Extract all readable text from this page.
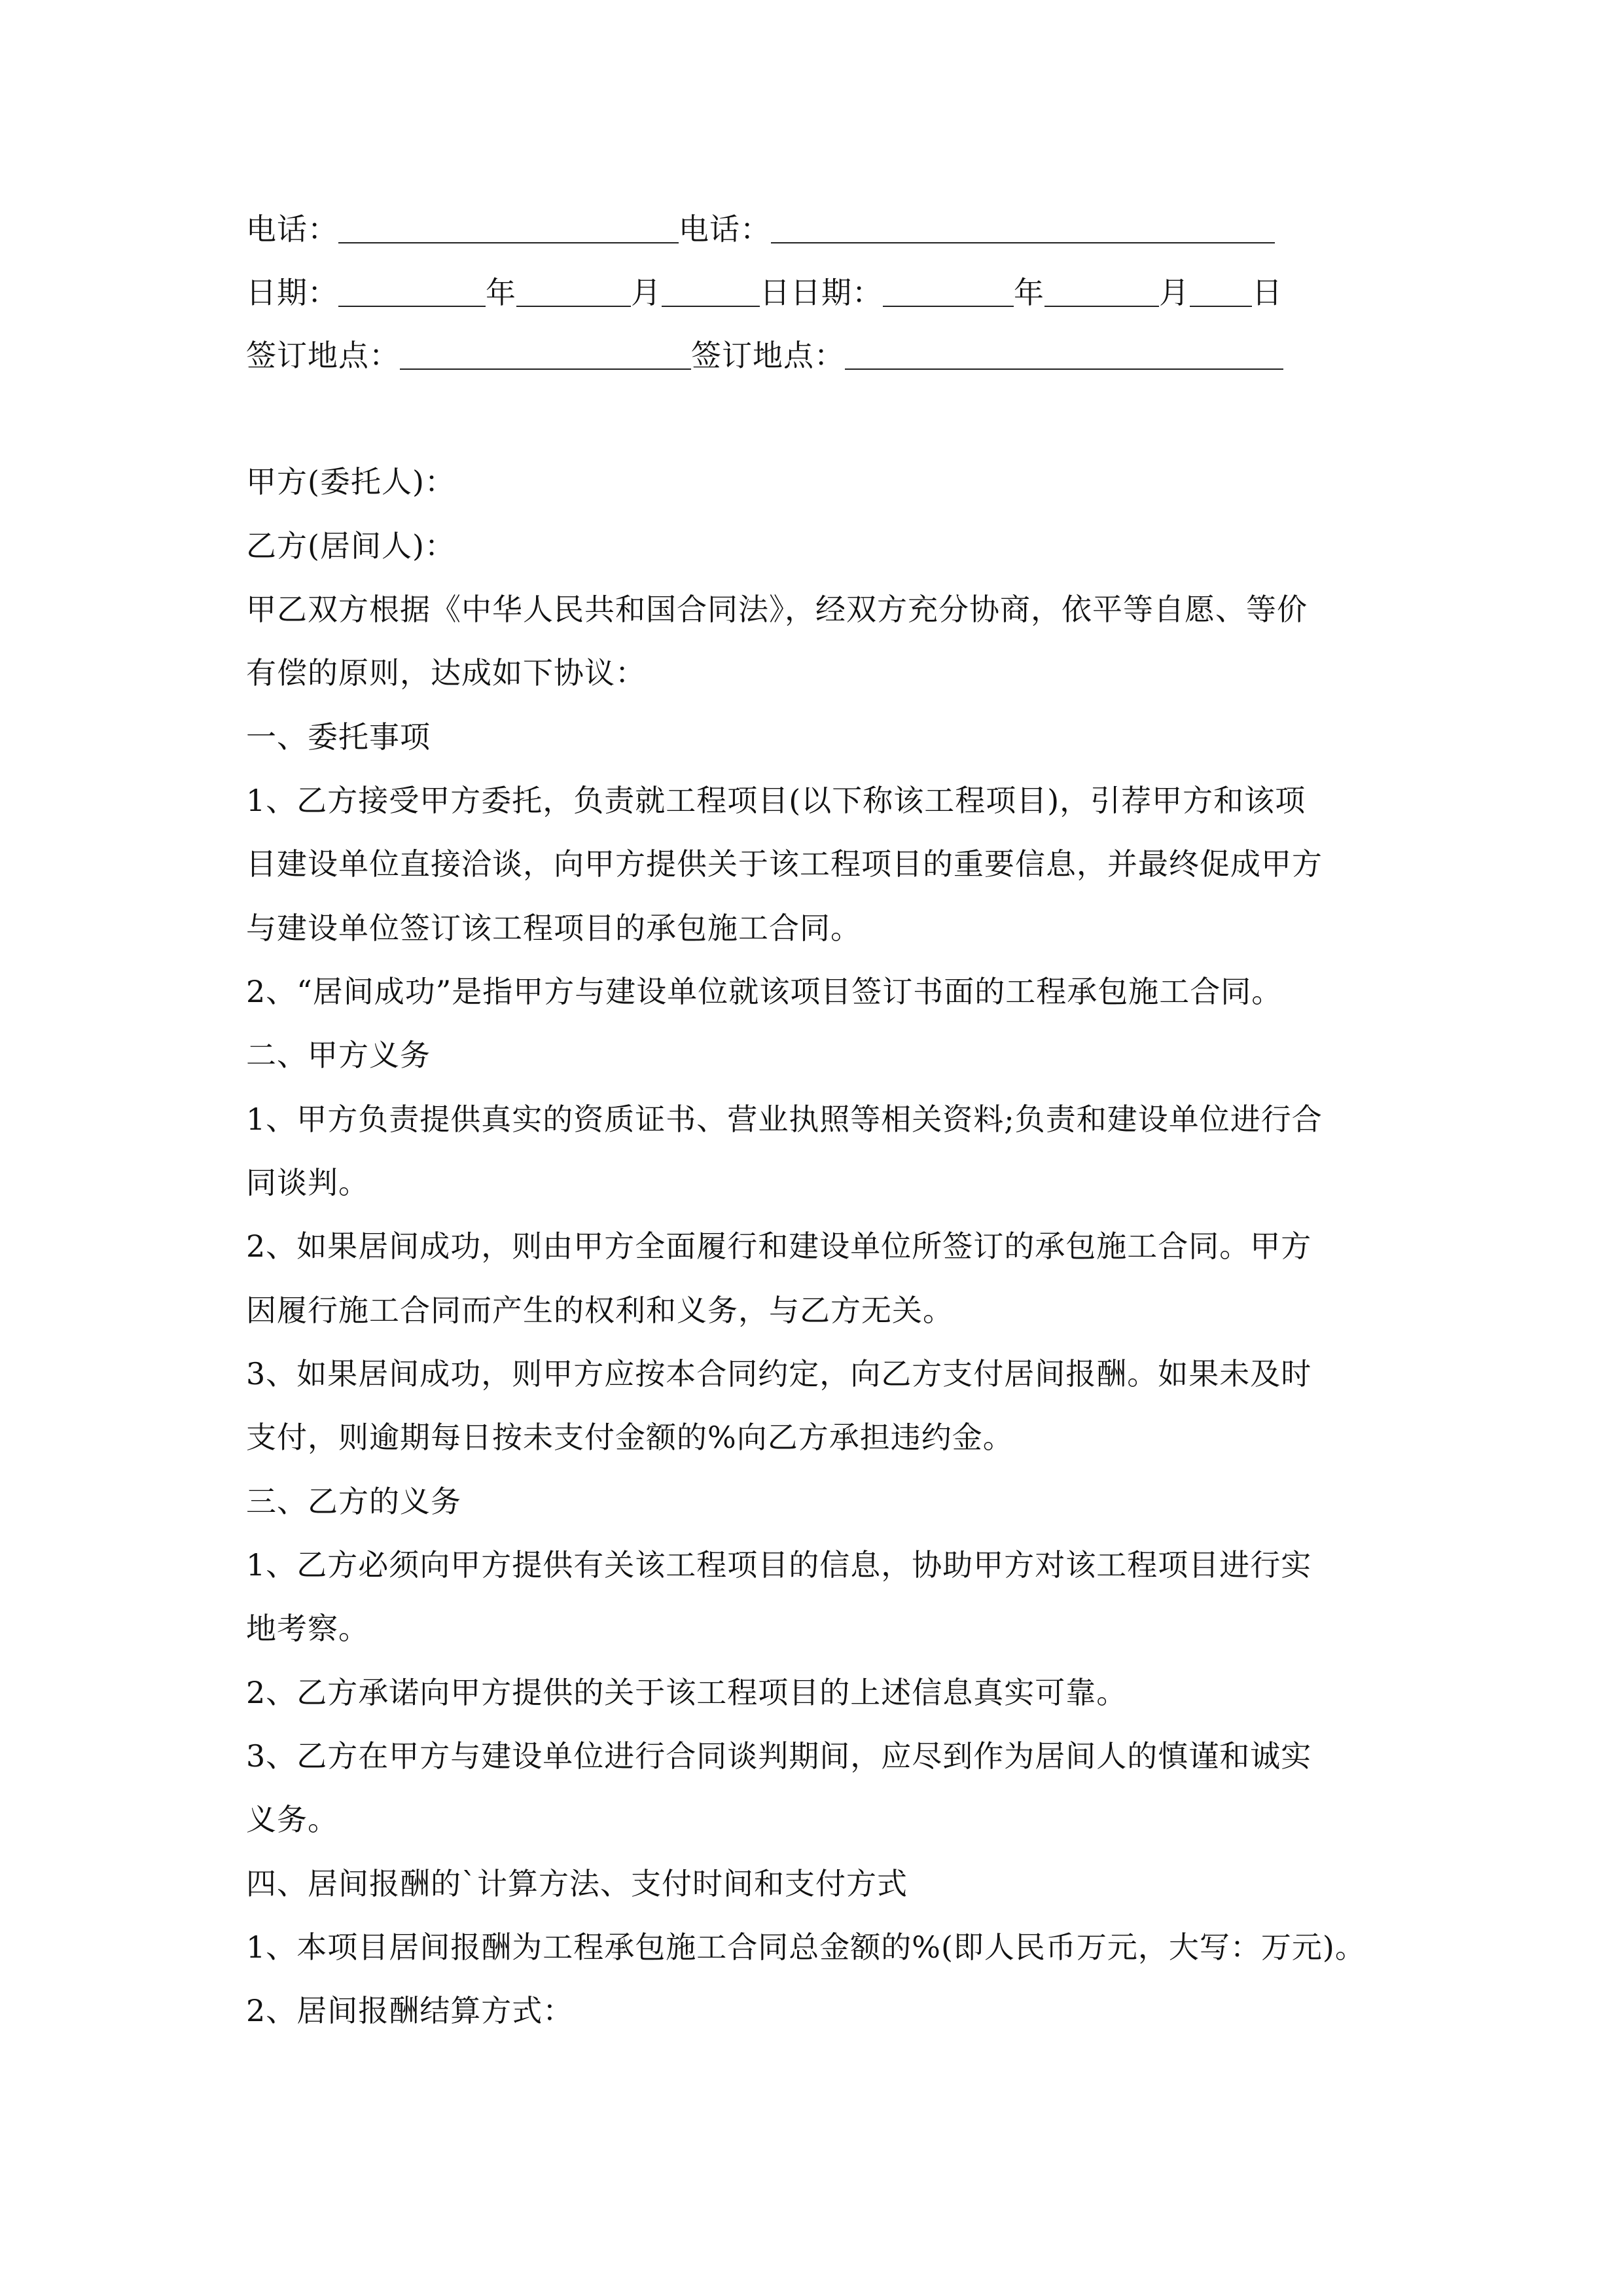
电话：	电话：
日期：	年	月	日日期：	年	月 日
签订地点：	签订地点：
甲方(委托人)：
乙方(居间人)：
甲乙双方根据《中华人民共和国合同法》，经双方充分协商，依平等自愿、等价
有偿的原则，达成如下协议：
一、委托事项
1、乙方接受甲方委托，负责就工程项目(以下称该工程项目)，引荐甲方和该项
目建设单位直接洽谈，向甲方提供关于该工程项目的重要信息，并最终促成甲方
与建设单位签订该工程项目的承包施工合同。
2、“居间成功”是指甲方与建设单位就该项目签订书面的工程承包施工合同。
二、甲方义务
1、甲方负责提供真实的资质证书、营业执照等相关资料;负责和建设单位进行合
同谈判。
2、如果居间成功，则由甲方全面履行和建设单位所签订的承包施工合同。甲方
因履行施工合同而产生的权利和义务，与乙方无关。
3、如果居间成功，则甲方应按本合同约定，向乙方支付居间报酬。如果未及时
支付，则逾期每日按未支付金额的%向乙方承担违约金。
三、乙方的义务
1、乙方必须向甲方提供有关该工程项目的信息，协助甲方对该工程项目进行实
地考察。
2、乙方承诺向甲方提供的关于该工程项目的上述信息真实可靠。
3、乙方在甲方与建设单位进行合同谈判期间，应尽到作为居间人的慎谨和诚实
义务。
四、居间报酬的`计算方法、支付时间和支付方式
1、本项目居间报酬为工程承包施工合同总金额的%(即人民币万元，大写：万元)。
2、居间报酬结算方式：
